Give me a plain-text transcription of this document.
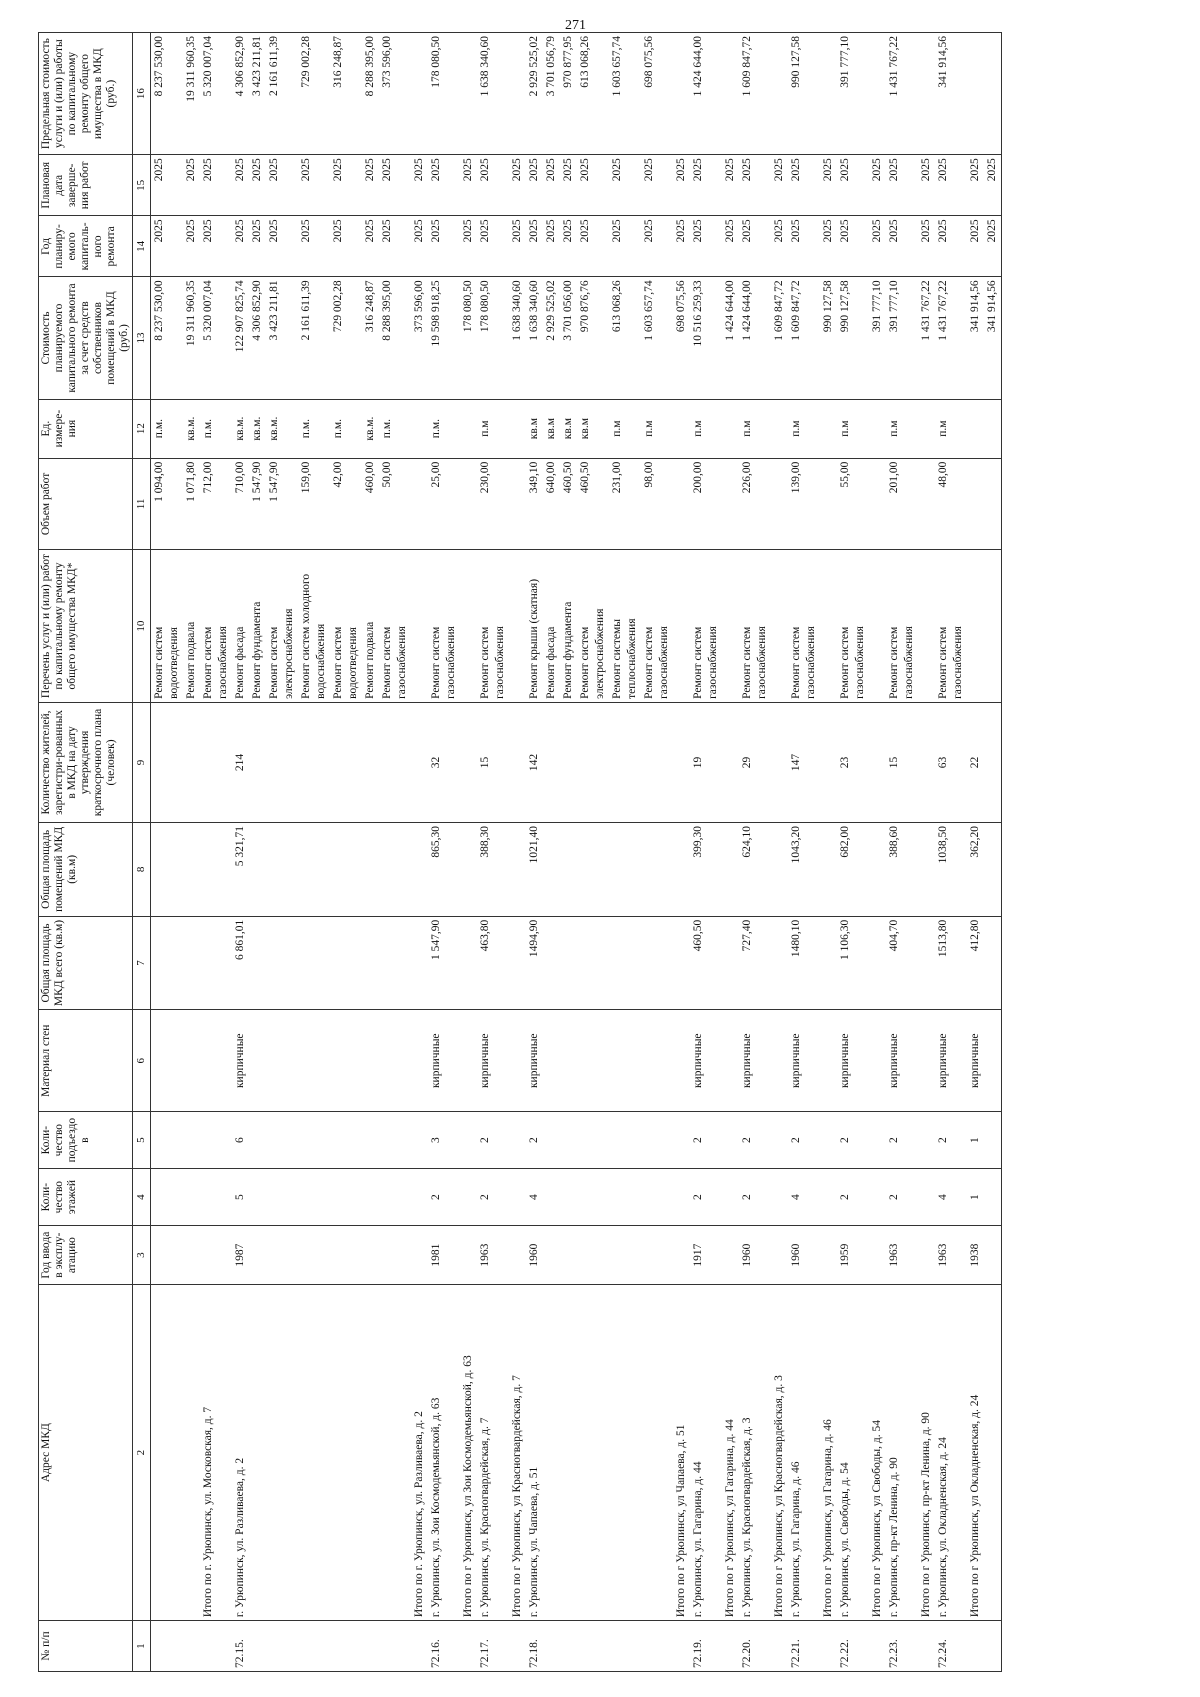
271
№ п/п	Адрес МКД	Год ввода в эксплу-атацию	Коли-чество этажей	Коли-чество подъездо в	Материал стен	Общая площадь МКД всего (кв.м)	Общая площадь помещений МКД (кв.м)	Количество жителей, зарегистри-рованных в МКД на дату утверждения краткосрочного плана (человек)	Перечень услуг и (или) работ по капитальному ремонту общего имущества МКД*	Объем работ	Ед. измере-ния	Стоимость планируемого капитального ремонта за счет средств собственников помещений в МКД (руб.)	Год планиру-емого капиталь-ного ремонта	Плановая дата заверше-ния работ	Предельная стоимость услуги и (или) работы по капитальному ремонту общего имущества в МКД (руб.)
1	2	3	4	5	6	7	8	9	10	11	12	13	14	15	16
									Ремонт систем водоотведения	1 094,00	п.м.	8 237 530,00	2025	2025	8 237 530,00
									Ремонт подвала	1 071,80	кв.м.	19 311 960,35	2025	2025	19 311 960,35
	Итого по г. Урюпинск, ул. Московская, д. 7								Ремонт систем газоснабжения	712,00	п.м.	5 320 007,04	2025	2025	5 320 007,04
72.15.	г. Урюпинск, ул. Разливаева, д. 2	1987	5	6	кирпичные	6 861,01	5 321,71	214	Ремонт фасада	710,00	кв.м.	122 907 825,74	2025	2025	4 306 852,90
									Ремонт фундамента	1 547,90	кв.м.	4 306 852,90	2025	2025	3 423 211,81
									Ремонт систем электроснабжения	1 547,90	кв.м.	3 423 211,81	2025	2025	2 161 611,39
									Ремонт систем холодного водоснабжения	159,00	п.м.	2 161 611,39	2025	2025	729 002,28
									Ремонт систем водоотведения	42,00	п.м.	729 002,28	2025	2025	316 248,87
									Ремонт подвала	460,00	кв.м.	316 248,87	2025	2025	8 288 395,00
									Ремонт систем газоснабжения	50,00	п.м.	8 288 395,00	2025	2025	373 596,00
	Итого по г. Урюпинск, ул. Разливаева, д. 2											373 596,00	2025	2025	
72.16.	г. Урюпинск, ул. Зои Космодемьянской, д. 63	1981	2	3	кирпичные	1 547,90	865,30	32	Ремонт систем газоснабжения	25,00	п.м.	19 598 918,25	2025	2025	178 080,50
	Итого по г Урюпинск, ул Зои Космодемьянской, д. 63											178 080,50	2025	2025	
72.17.	г. Урюпинск, ул. Красногвардейская, д. 7	1963	2	2	кирпичные	463,80	388,30	15	Ремонт систем газоснабжения	230,00	п.м	178 080,50	2025	2025	1 638 340,60
	Итого по г Урюпинск, ул Красногвардейская, д. 7											1 638 340,60	2025	2025	
72.18.	г. Урюпинск, ул. Чапаева, д. 51	1960	4	2	кирпичные	1494,90	1021,40	142	Ремонт крыши (скатная)	349,10	кв.м	1 638 340,60	2025	2025	2 929 525,02
									Ремонт фасада	640,00	кв.м	2 929 525,02	2025	2025	3 701 056,79
									Ремонт фундамента	460,50	кв.м	3 701 056,00	2025	2025	970 877,95
									Ремонт систем электроснабжения	460,50	кв.м	970 876,76	2025	2025	613 068,26
									Ремонт системы теплоснабжения	231,00	п.м	613 068,26	2025	2025	1 603 657,74
									Ремонт систем газоснабжения	98,00	п.м	1 603 657,74	2025	2025	698 075,56
	Итого по г Урюпинск, ул Чапаева, д. 51											698 075,56	2025	2025	
72.19.	г. Урюпинск, ул. Гагарина, д. 44	1917	2	2	кирпичные	460,50	399,30	19	Ремонт систем газоснабжения	200,00	п.м	10 516 259,33	2025	2025	1 424 644,00
	Итого по г Урюпинск, ул Гагарина, д. 44											1 424 644,00	2025	2025	
72.20.	г. Урюпинск, ул. Красногвардейская, д. 3	1960	2	2	кирпичные	727,40	624,10	29	Ремонт систем газоснабжения	226,00	п.м	1 424 644,00	2025	2025	1 609 847,72
	Итого по г Урюпинск, ул Красногвардейская, д. 3											1 609 847,72	2025	2025	
72.21.	г. Урюпинск, ул. Гагарина, д. 46	1960	4	2	кирпичные	1480,10	1043,20	147	Ремонт систем газоснабжения	139,00	п.м	1 609 847,72	2025	2025	990 127,58
	Итого по г Урюпинск, ул Гагарина, д. 46											990 127,58	2025	2025	
72.22.	г. Урюпинск, ул. Свободы, д. 54	1959	2	2	кирпичные	1 106,30	682,00	23	Ремонт систем газоснабжения	55,00	п.м	990 127,58	2025	2025	391 777,10
	Итого по г Урюпинск, ул Свободы, д. 54											391 777,10	2025	2025	
72.23.	г. Урюпинск, пр-кт Ленина, д. 90	1963	2	2	кирпичные	404,70	388,60	15	Ремонт систем газоснабжения	201,00	п.м	391 777,10	2025	2025	1 431 767,22
	Итого по г Урюпинск, пр-кт Ленина, д. 90											1 431 767,22	2025	2025	
72.24.	г. Урюпинск, ул. Окладненская, д. 24	1963	4	2	кирпичные	1513,80	1038,50	63	Ремонт систем газоснабжения	48,00	п.м	1 431 767,22	2025	2025	341 914,56
	Итого по г Урюпинск, ул Окладненская, д. 24	1938	1	1	кирпичные	412,80	362,20	22				341 914,56	2025	2025	
												341 914,56	2025	2025	
